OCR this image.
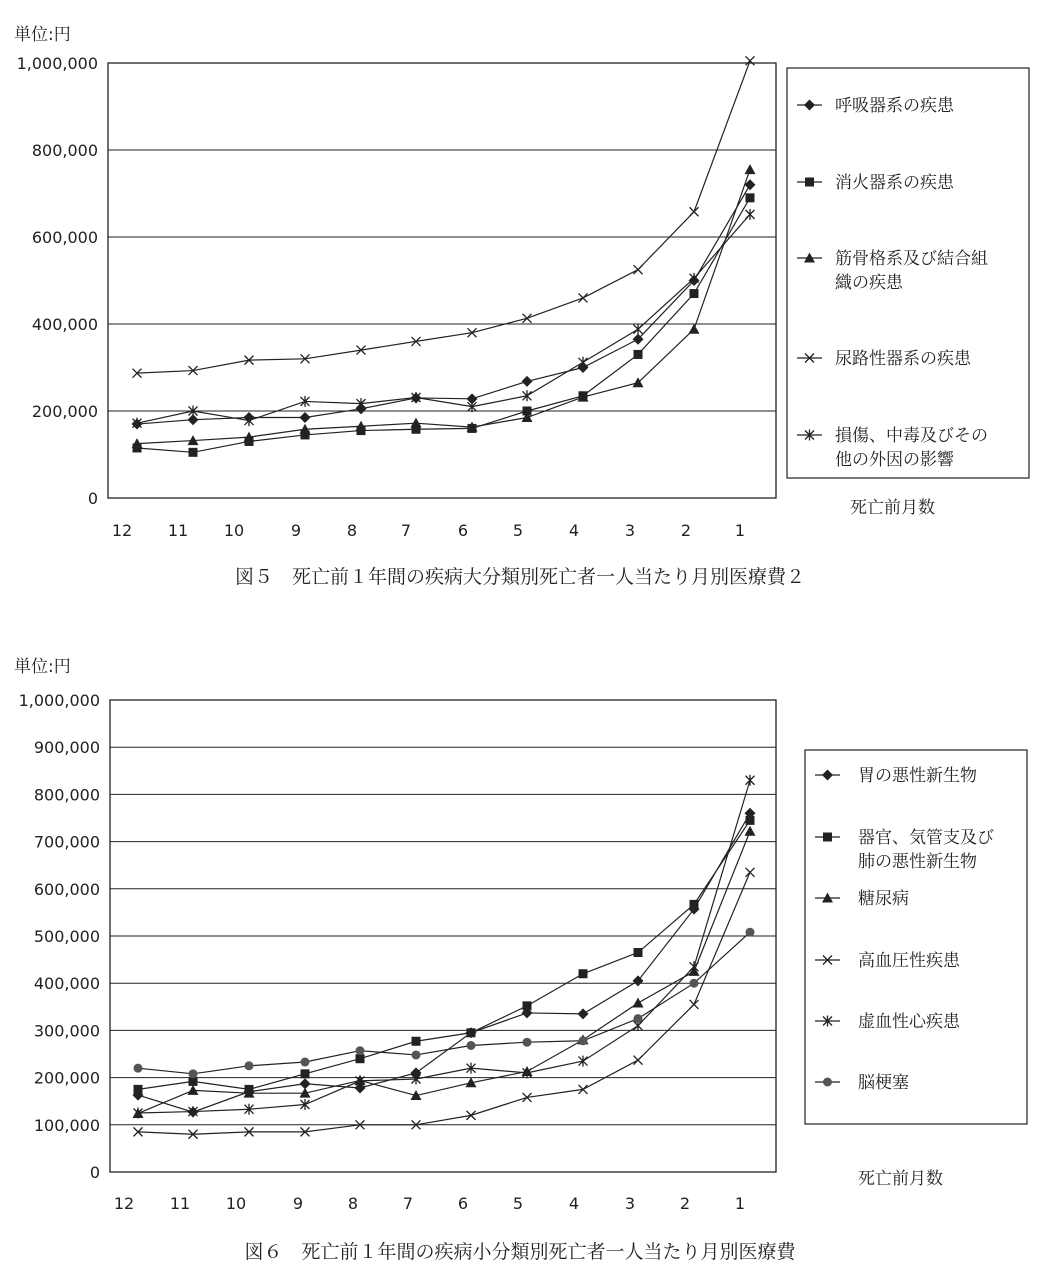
単位:円
0
200,000
400,000
600,000
800,000
1,000,000
12 11 10	9	8	7	6	5	4	3	2	1
呼吸器系の疾患
消火器系の疾患
筋骨格系及び結合組織の疾患
尿路性器系の疾患
損傷、中毒及びその他の外因の影響
死亡前月数
図５　死亡前１年間の疾病大分類別死亡者一人当たり月別医療費２
単位:円
0
100,000
200,000
300,000
400,000
500,000
600,000
700,000
800,000
900,000
1,000,000
12 11 10	9	8	7	6	5	4	3	2	1
胃の悪性新生物
器官、気管支及び肺の悪性新生物
糖尿病
高血圧性疾患
虚血性心疾患
脳梗塞
死亡前月数
図６　死亡前１年間の疾病小分類別死亡者一人当たり月別医療費
